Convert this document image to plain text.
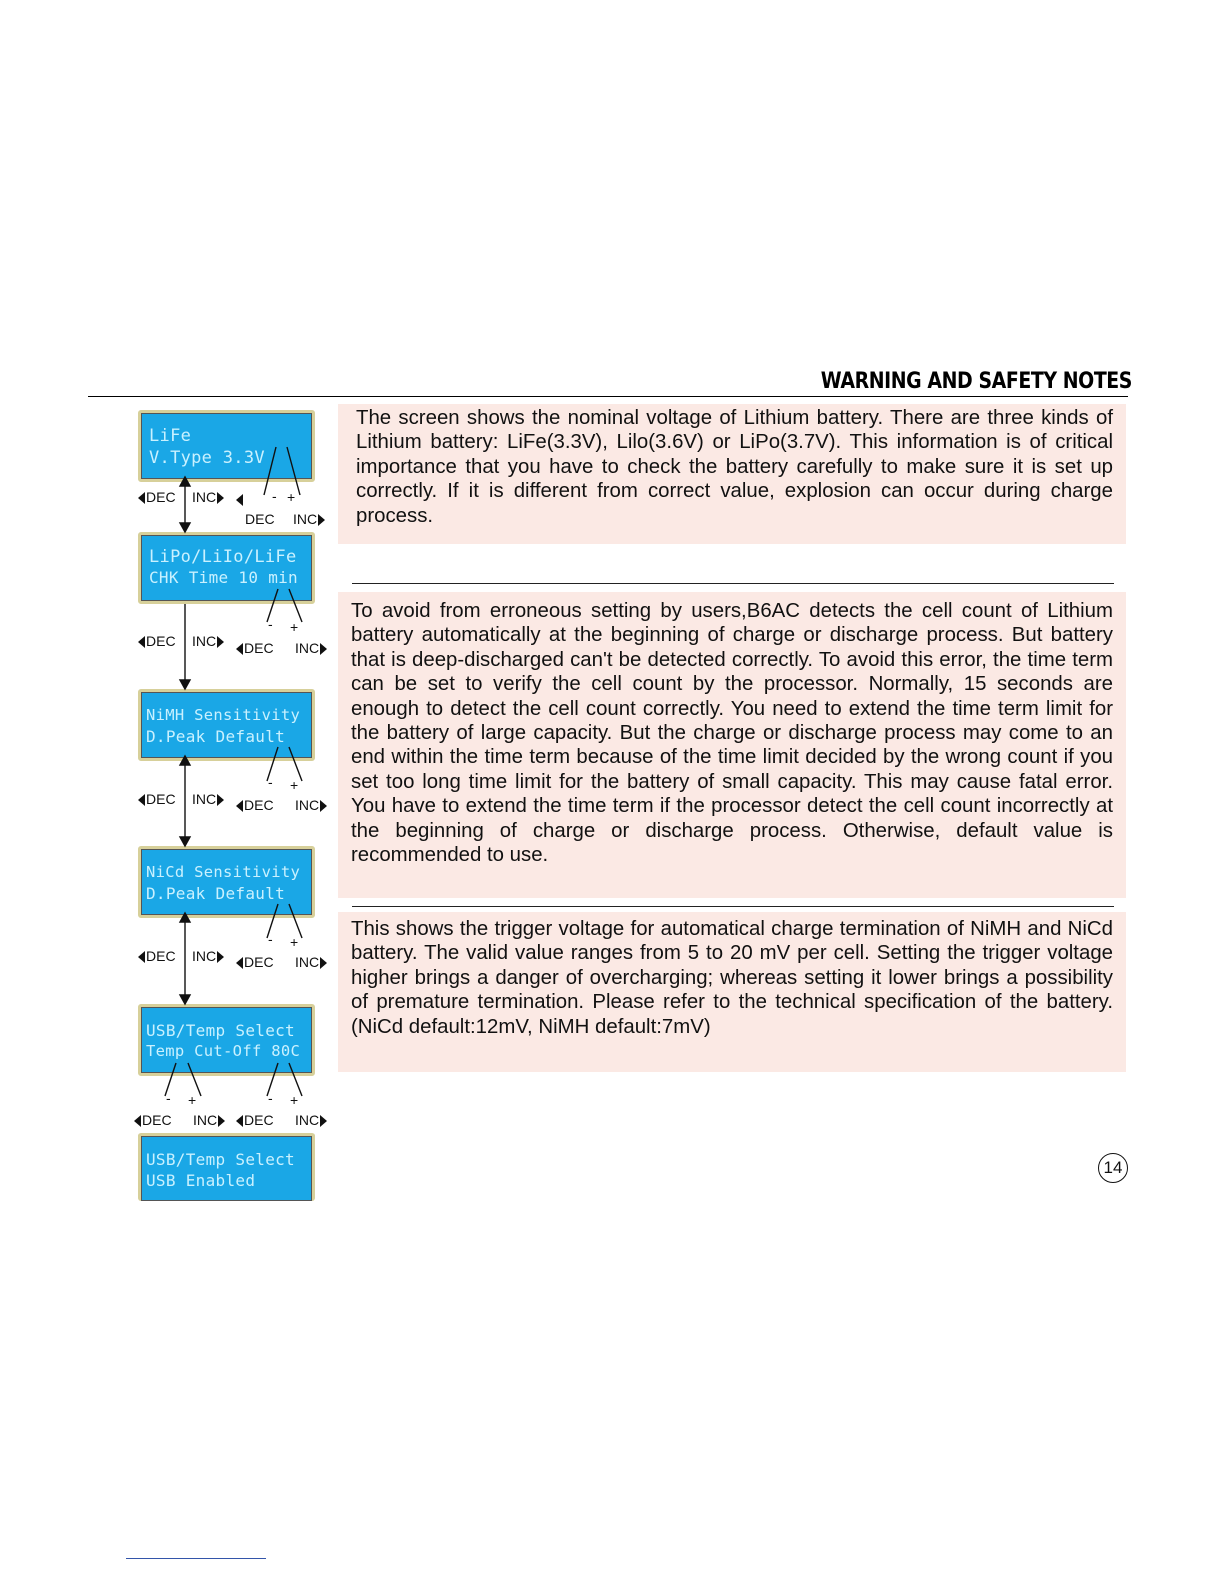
WARNING AND SAFETY NOTES

The screen shows the nominal voltage of Lithium battery. There are three kinds of Lithium battery: LiFe(3.3V), Lilo(3.6V) or LiPo(3.7V). This information is of critical importance that you have to check the battery carefully to make sure it is set up correctly. If it is different from correct value, explosion can occur during charge process.

To avoid from erroneous setting by users,B6AC detects the cell count of Lithium battery automatically at the beginning of charge or discharge process. But battery that is deep-discharged can't be detected correctly. To avoid this error, the time term can be set to verify the cell count by the processor. Normally, 15 seconds are enough to detect the cell count correctly. You need to extend the time term limit for the battery of large capacity. But the charge or discharge process may come to an end within the time term because of the time limit decided by the wrong count if you set too long time limit for the battery of small capacity. This may cause fatal error. You have to extend the time term if the processor detect the cell count incorrectly at the beginning of charge or discharge process. Otherwise, default value is recommended to use.

This shows the trigger voltage for automatical charge termination of NiMH and NiCd battery. The valid value ranges from 5 to 20 mV per cell. Setting the trigger voltage higher brings a danger of overcharging; whereas setting it lower brings a possibility of premature termination. Please refer to the technical specification of the battery.(NiCd default:12mV, NiMH default:7mV)

LiFe
V.Type 3.3V
LiPo/LiIo/LiFe
CHK Time 10 min
NiMH Sensitivity
D.Peak Default
NiCd Sensitivity
D.Peak Default
USB/Temp Select
Temp Cut-Off 80C
USB/Temp Select
USB Enabled
DEC INC	- +
DEC INC
- +
DEC INC	DEC INC
- +
DEC INC	DEC INC
- +
DEC INC	DEC INC
- +	- +
DEC INC	DEC INC
14
